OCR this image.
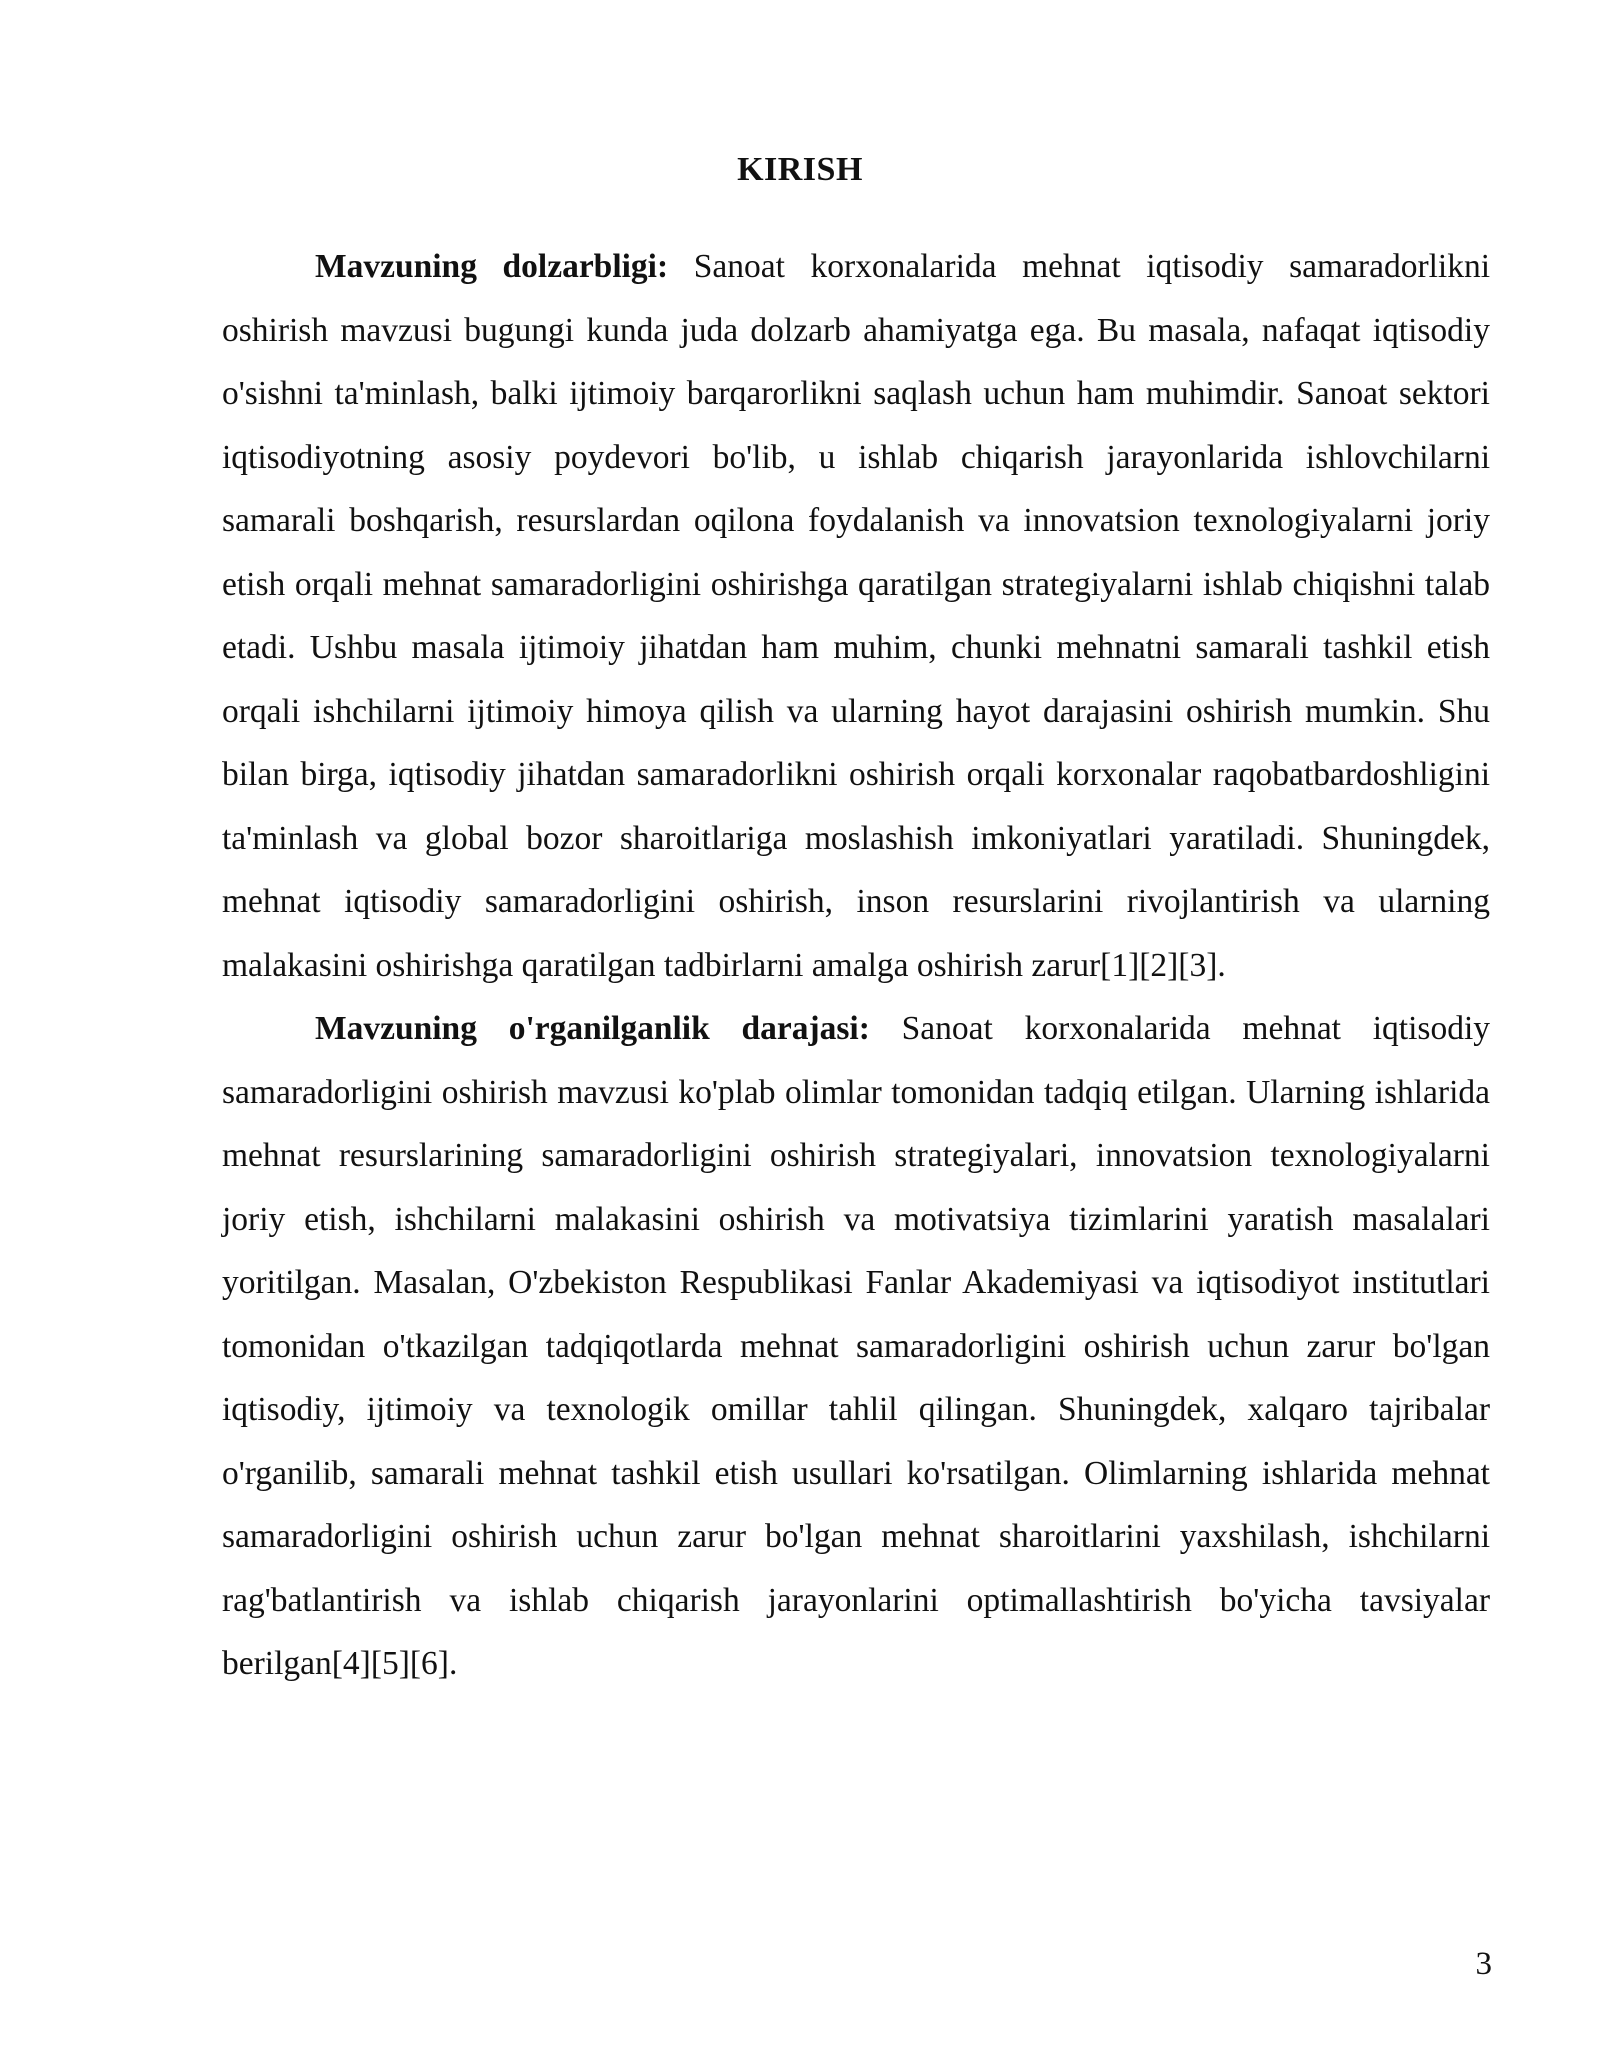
KIRISH

Mavzuning dolzarbligi: Sanoat korxonalarida mehnat iqtisodiy samaradorlikni oshirish mavzusi bugungi kunda juda dolzarb ahamiyatga ega. Bu masala, nafaqat iqtisodiy o'sishni ta'minlash, balki ijtimoiy barqarorlikni saqlash uchun ham muhimdir. Sanoat sektori iqtisodiyotning asosiy poydevori bo'lib, u ishlab chiqarish jarayonlarida ishlovchilarni samarali boshqarish, resurslardan oqilona foydalanish va innovatsion texnologiyalarni joriy etish orqali mehnat samaradorligini oshirishga qaratilgan strategiyalarni ishlab chiqishni talab etadi. Ushbu masala ijtimoiy jihatdan ham muhim, chunki mehnatni samarali tashkil etish orqali ishchilarni ijtimoiy himoya qilish va ularning hayot darajasini oshirish mumkin. Shu bilan birga, iqtisodiy jihatdan samaradorlikni oshirish orqali korxonalar raqobatbardoshligini ta'minlash va global bozor sharoitlariga moslashish imkoniyatlari yaratiladi. Shuningdek, mehnat iqtisodiy samaradorligini oshirish, inson resurslarini rivojlantirish va ularning malakasini oshirishga qaratilgan tadbirlarni amalga oshirish zarur[1][2][3].

Mavzuning o'rganilganlik darajasi: Sanoat korxonalarida mehnat iqtisodiy samaradorligini oshirish mavzusi ko'plab olimlar tomonidan tadqiq etilgan. Ularning ishlarida mehnat resurslarining samaradorligini oshirish strategiyalari, innovatsion texnologiyalarni joriy etish, ishchilarni malakasini oshirish va motivatsiya tizimlarini yaratish masalalari yoritilgan. Masalan, O'zbekiston Respublikasi Fanlar Akademiyasi va iqtisodiyot institutlari tomonidan o'tkazilgan tadqiqotlarda mehnat samaradorligini oshirish uchun zarur bo'lgan iqtisodiy, ijtimoiy va texnologik omillar tahlil qilingan. Shuningdek, xalqaro tajribalar o'rganilib, samarali mehnat tashkil etish usullari ko'rsatilgan. Olimlarning ishlarida mehnat samaradorligini oshirish uchun zarur bo'lgan mehnat sharoitlarini yaxshilash, ishchilarni rag'batlantirish va ishlab chiqarish jarayonlarini optimallashtirish bo'yicha tavsiyalar berilgan[4][5][6].

3
